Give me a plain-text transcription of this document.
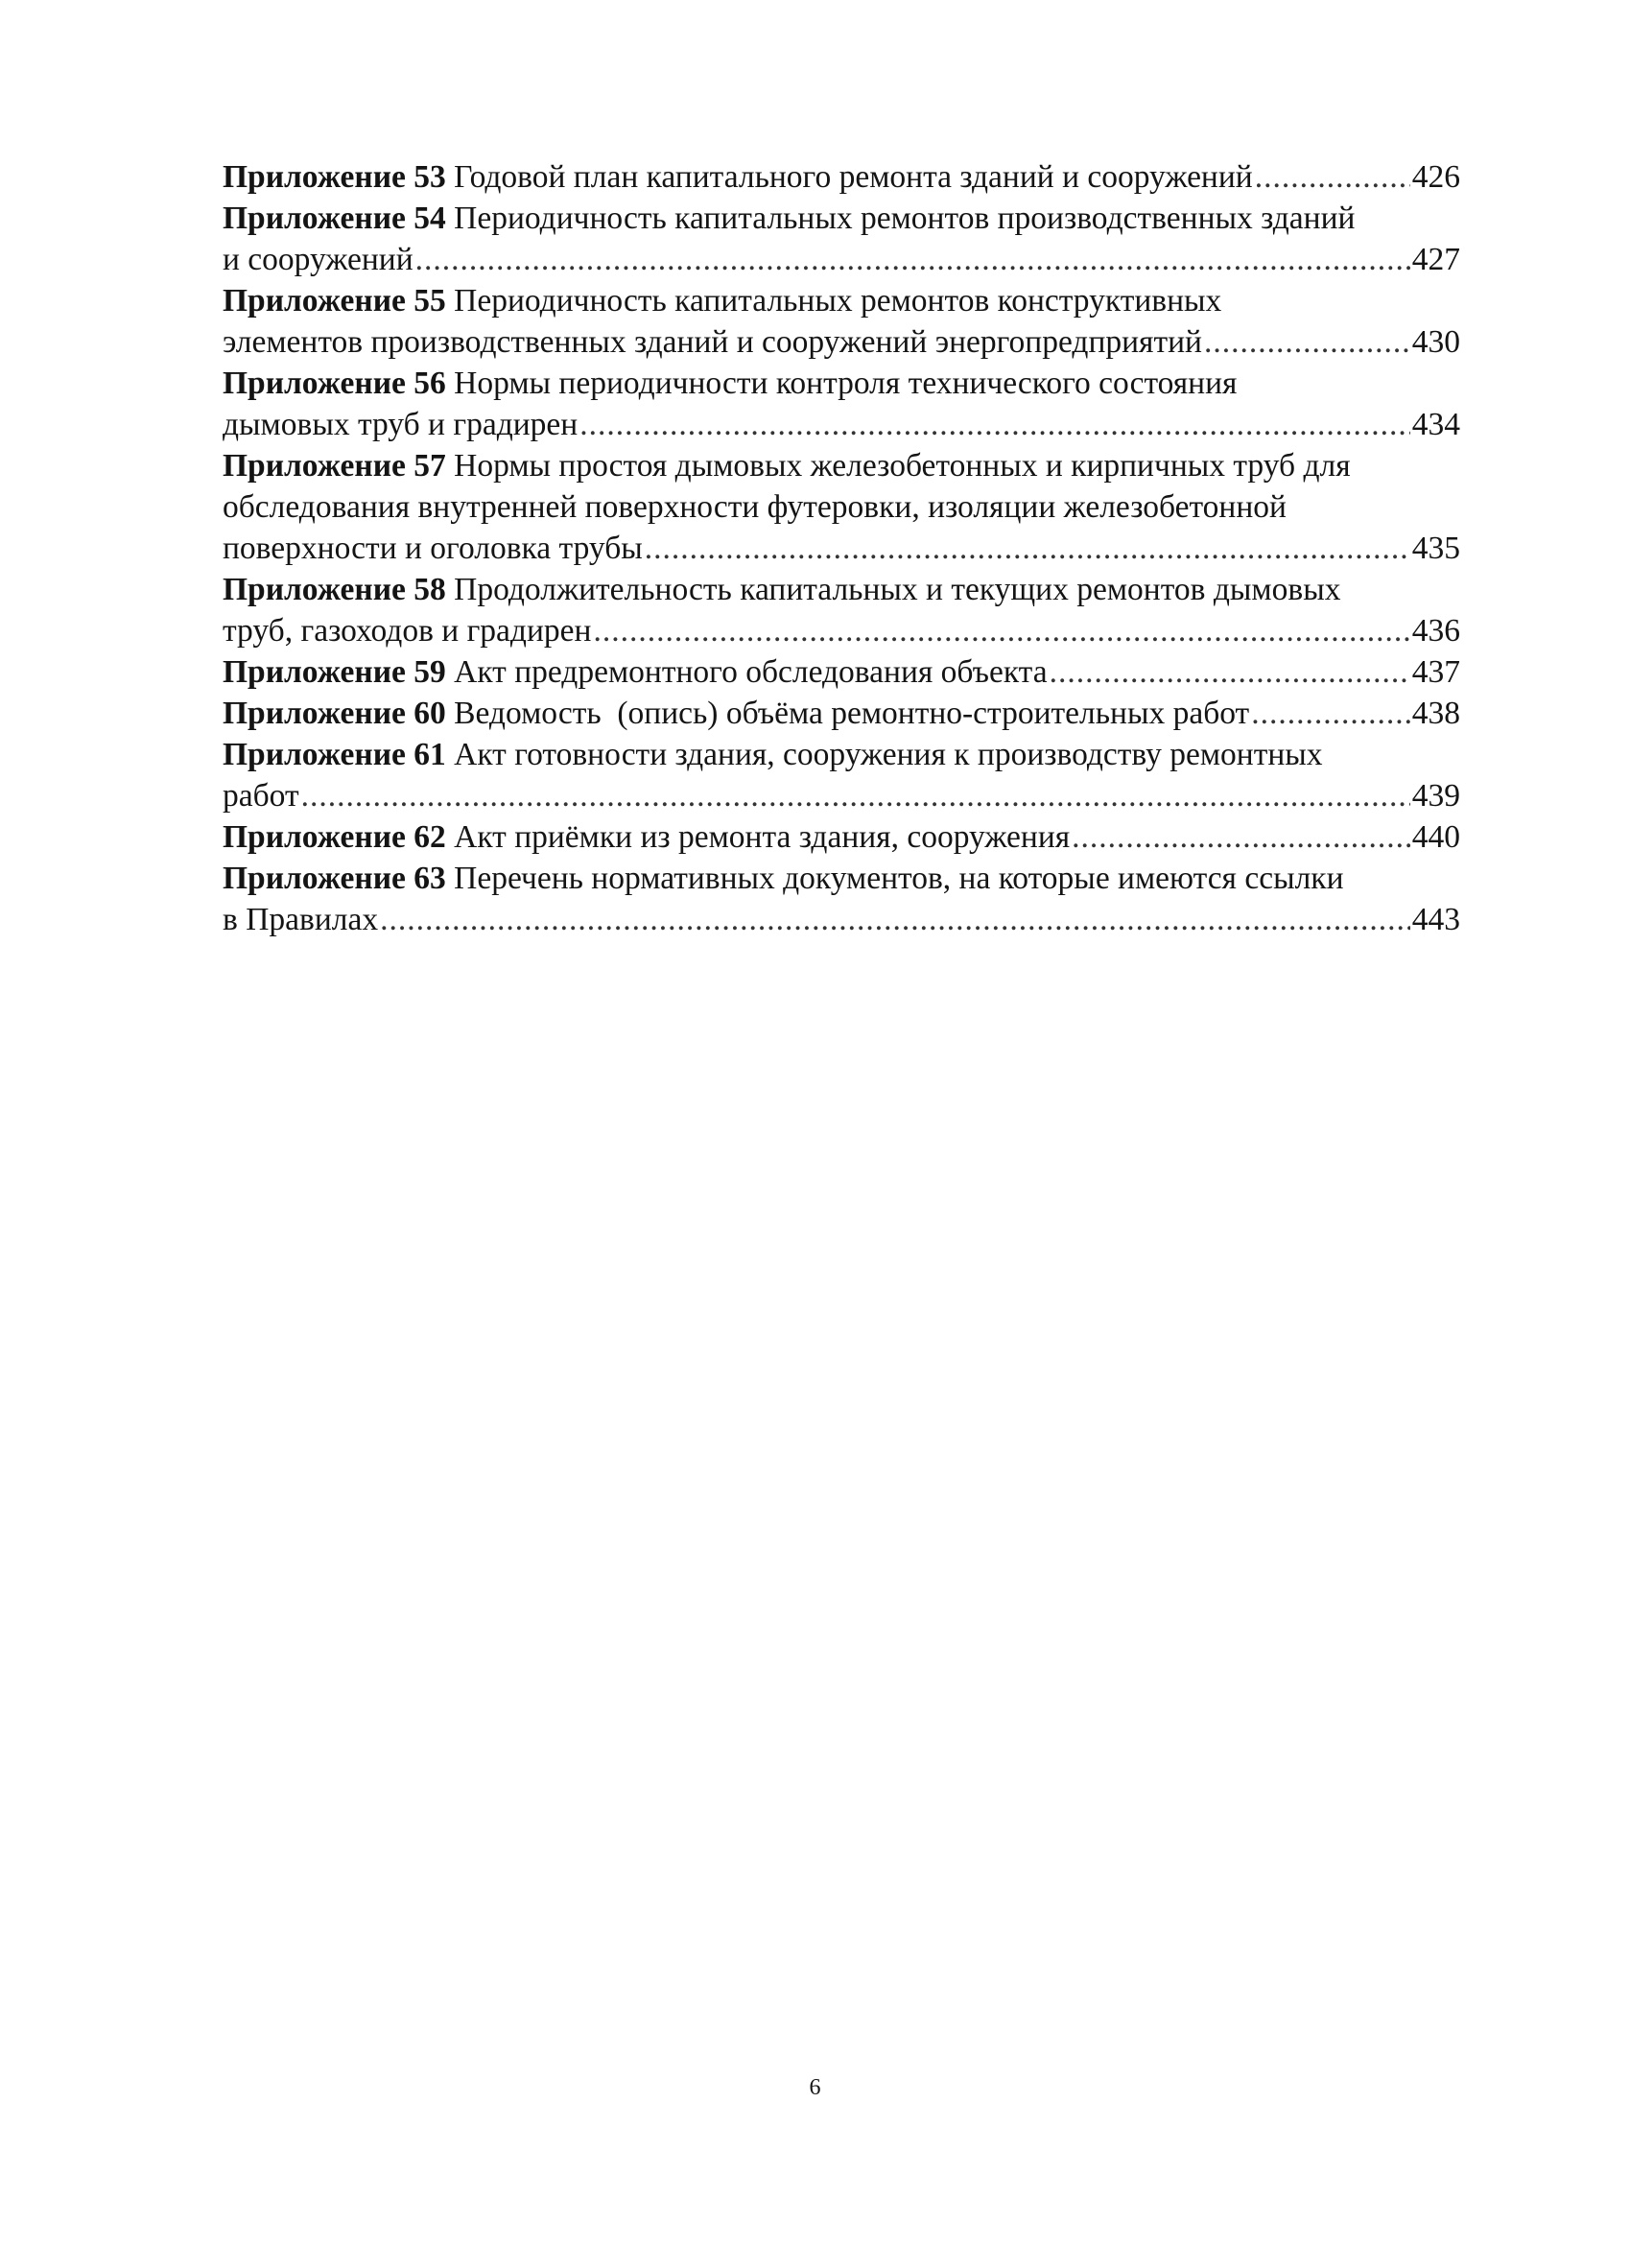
Приложение 53 Годовой план капитального ремонта зданий и сооружений .....	426
Приложение 54 Периодичность капитальных ремонтов производственных зданий
и сооружений .....	427
Приложение 55 Периодичность капитальных ремонтов конструктивных
элементов производственных зданий и сооружений энергопредприятий .....	430
Приложение 56 Нормы периодичности контроля технического состояния
дымовых труб и градирен .....	434
Приложение 57 Нормы простоя дымовых железобетонных и кирпичных труб для
обследования внутренней поверхности футеровки, изоляции железобетонной
поверхности и оголовка трубы .....	435
Приложение 58 Продолжительность капитальных и текущих ремонтов дымовых
труб, газоходов и градирен .....	436
Приложение 59 Акт предремонтного обследования объекта .....	437
Приложение 60 Ведомость  (опись) объёма ремонтно-строительных работ .....	438
Приложение 61 Акт готовности здания, сооружения к производству ремонтных
работ .....	439
Приложение 62 Акт приёмки из ремонта здания, сооружения .....	440
Приложение 63 Перечень нормативных документов, на которые имеются ссылки
в Правилах .....	443
6
